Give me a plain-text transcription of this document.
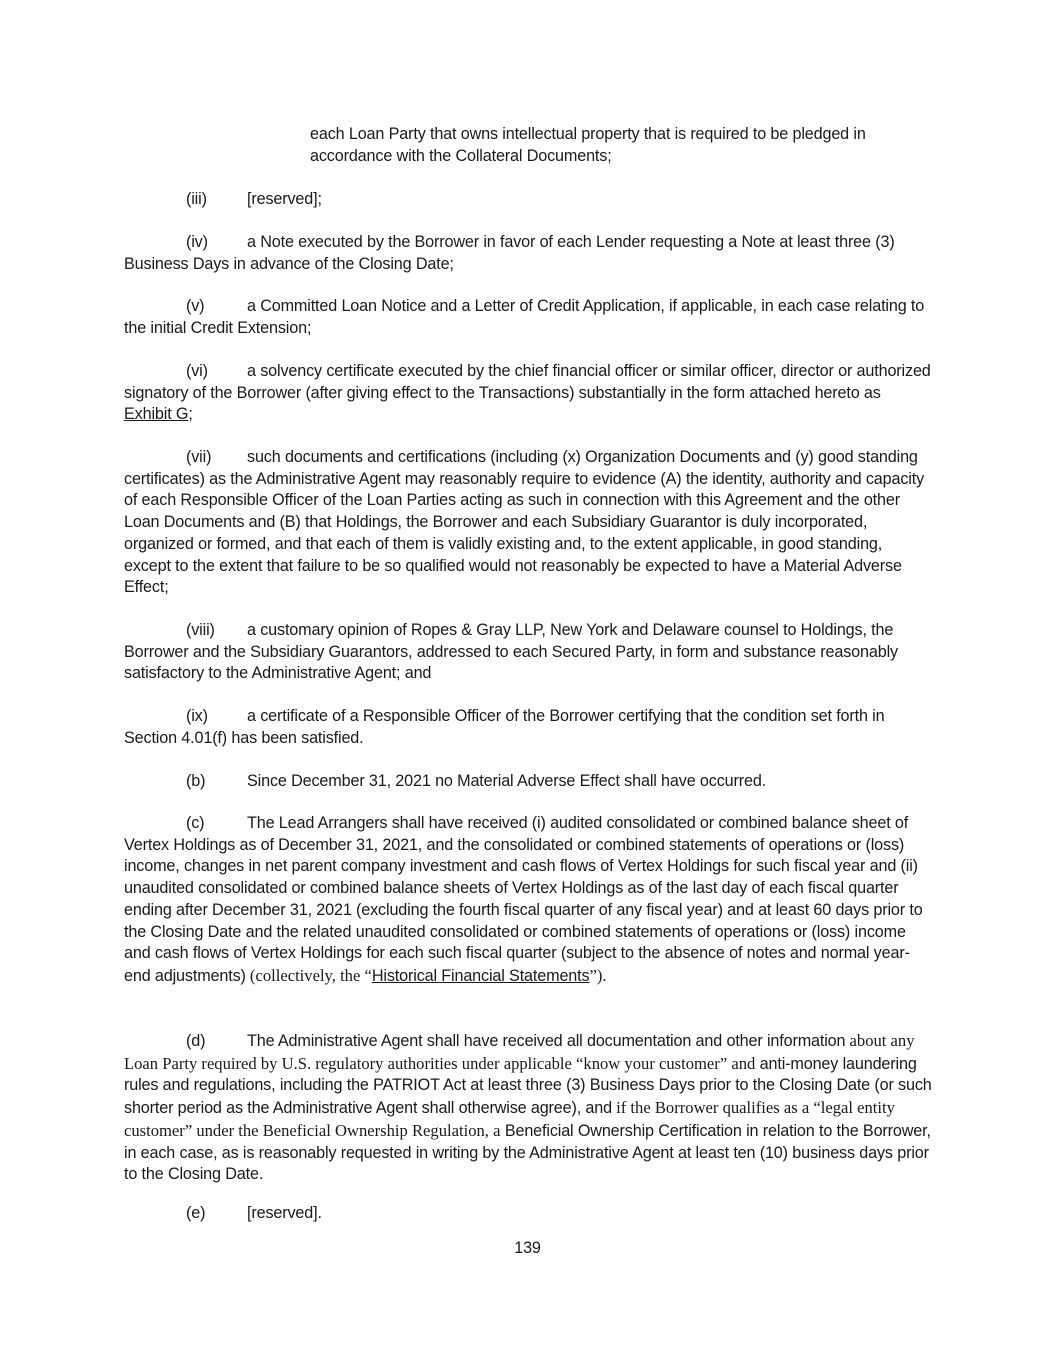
each Loan Party that owns intellectual property that is required to be pledged in accordance with the Collateral Documents;

(iii) [reserved];

(iv) a Note executed by the Borrower in favor of each Lender requesting a Note at least three (3) Business Days in advance of the Closing Date;

(v)	a Committed Loan Notice and a Letter of Credit Application, if applicable, in each case relating to the initial Credit Extension;

(vi) a solvency certificate executed by the chief financial officer or similar officer, director or authorized signatory of the Borrower (after giving effect to the Transactions) substantially in the form attached hereto as Exhibit G;

(vii) such documents and certifications (including (x) Organization Documents and (y) good standing certificates) as the Administrative Agent may reasonably require to evidence (A) the identity, authority and capacity of each Responsible Officer of the Loan Parties acting as such in connection with this Agreement and the other Loan Documents and (B) that Holdings, the Borrower and each Subsidiary Guarantor is duly incorporated, organized or formed, and that each of them is validly existing and, to the extent applicable, in good standing, except to the extent that failure to be so qualified would not reasonably be expected to have a Material Adverse Effect;

(viii) a customary opinion of Ropes & Gray LLP, New York and Delaware counsel to Holdings, the Borrower and the Subsidiary Guarantors, addressed to each Secured Party, in form and substance reasonably satisfactory to the Administrative Agent; and

(ix) a certificate of a Responsible Officer of the Borrower certifying that the condition set forth in Section 4.01(f) has been satisfied.

(b)	Since December 31, 2021 no Material Adverse Effect shall have occurred.

(c)	The Lead Arrangers shall have received (i) audited consolidated or combined balance sheet of Vertex Holdings as of December 31, 2021, and the consolidated or combined statements of operations or (loss) income, changes in net parent company investment and cash flows of Vertex Holdings for such fiscal year and (ii) unaudited consolidated or combined balance sheets of Vertex Holdings as of the last day of each fiscal quarter ending after December 31, 2021 (excluding the fourth fiscal quarter of any fiscal year) and at least 60 days prior to the Closing Date and the related unaudited consolidated or combined statements of operations or (loss) income and cash flows of Vertex Holdings for each such fiscal quarter (subject to the absence of notes and normal year-end adjustments) (collectively, the “Historical Financial Statements”).

(d)	The Administrative Agent shall have received all documentation and other information about any Loan Party required by U.S. regulatory authorities under applicable “know your customer” and anti-money laundering rules and regulations, including the PATRIOT Act at least three (3) Business Days prior to the Closing Date (or such shorter period as the Administrative Agent shall otherwise agree), and if the Borrower qualifies as a “legal entity customer” under the Beneficial Ownership Regulation, a Beneficial Ownership Certification in relation to the Borrower, in each case, as is reasonably requested in writing by the Administrative Agent at least ten (10) business days prior to the Closing Date.

(e)	[reserved].

139
